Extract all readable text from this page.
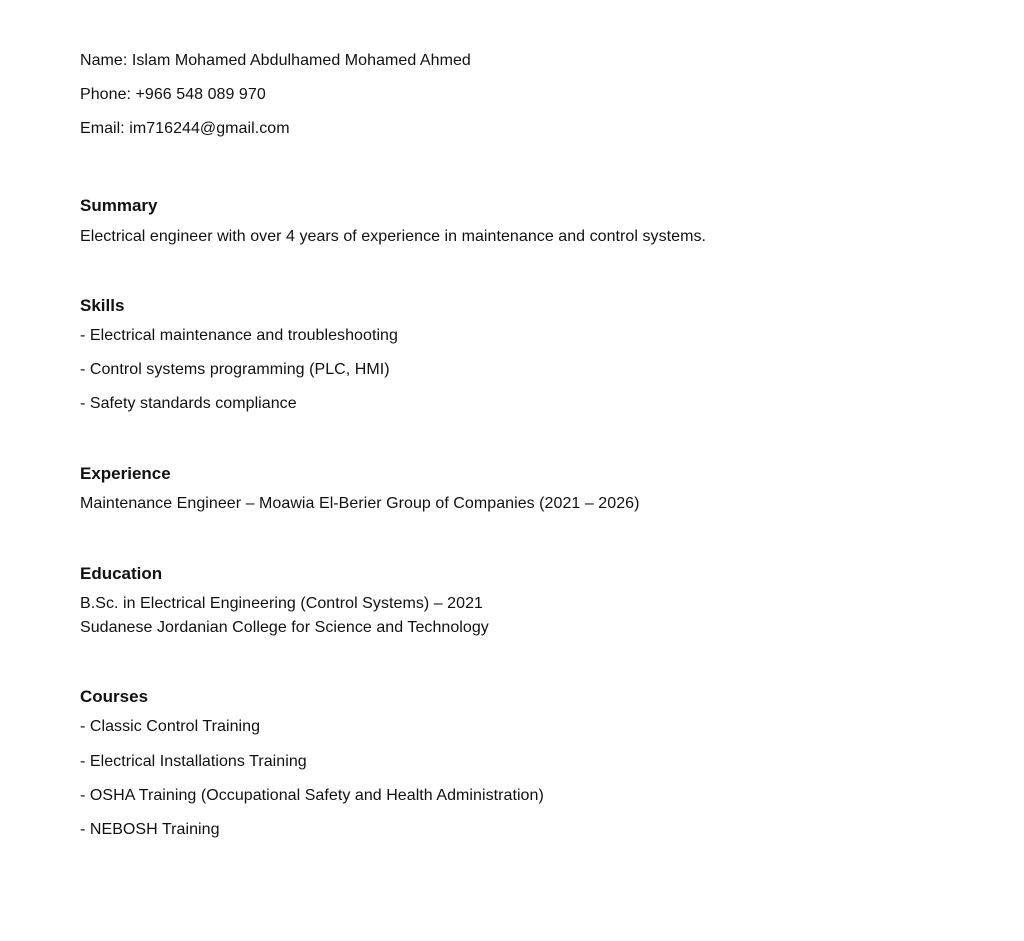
Name: Islam Mohamed Abdulhamed Mohamed Ahmed
Phone: +966 548 089 970
Email: im716244@gmail.com
Summary
Electrical engineer with over 4 years of experience in maintenance and control systems.
Skills
- Electrical maintenance and troubleshooting
- Control systems programming (PLC, HMI)
- Safety standards compliance
Experience
Maintenance Engineer – Moawia El-Berier Group of Companies (2021 – 2026)
Education
B.Sc. in Electrical Engineering (Control Systems) – 2021
Sudanese Jordanian College for Science and Technology
Courses
- Classic Control Training
- Electrical Installations Training
- OSHA Training (Occupational Safety and Health Administration)
- NEBOSH Training
